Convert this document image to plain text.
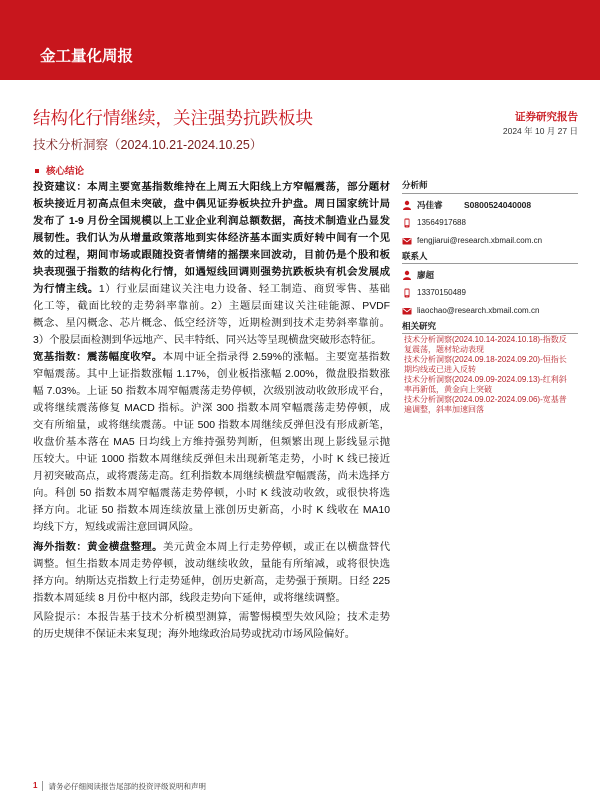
金工量化周报
结构化行情继续，关注强势抗跌板块
技术分析洞察（2024.10.21-2024.10.25）
证券研究报告
2024 年 10 月 27 日
核心结论
投资建议：本周主要宽基指数维持在上周五大阳线上方窄幅震荡，部分题材
板块接近月初高点但未突破，盘中偶见证券板块拉升护盘。周日国家统计局
发布了 1-9 月份全国规模以上工业企业利润总额数据，高技术制造业凸显发
展韧性。我们认为从增量政策落地到实体经济基本面实质好转中间有一个见
效的过程，期间市场或跟随投资者情绪的摇摆来回波动，目前仍是个股和板
块表现强于指数的结构化行情，如遇短线回调则强势抗跌板块有机会发展成
为行情主线。1）行业层面建议关注电力设备、轻工制造、商贸零售、基础
化工等，截面比较的走势斜率靠前。2）主题层面建议关注硅能源、PVDF
概念、星闪概念、芯片概念、低空经济等，近期检测到技术走势斜率靠前。
3）个股层面检测到华远地产、民丰特纸、同兴达等呈现横盘突破形态特征。
宽基指数：震荡幅度收窄。本周中证全指录得 2.59%的涨幅。主要宽基指数
窄幅震荡。其中上证指数涨幅 1.17%，创业板指涨幅 2.00%，微盘股指数涨
幅 7.03%。上证 50 指数本周窄幅震荡走势停顿，次级别波动收敛形成平台，
或将继续震荡修复 MACD 指标。沪深 300 指数本周窄幅震荡走势停顿，成
交有所缩量，或将继续震荡。中证 500 指数本周继续反弹但没有形成新笔，
收盘价基本落在 MA5 日均线上方维持强势判断，但频繁出现上影线显示抛
压较大。中证 1000 指数本周继续反弹但未出现新笔走势，小时 K 线已接近
月初突破高点，或将震荡走高。红利指数本周继续横盘窄幅震荡，尚未选择方
向。科创 50 指数本周窄幅震荡走势停顿，小时 K 线波动收敛，或很快将选
择方向。北证 50 指数本周连续放量上涨创历史新高，小时 K 线收在 MA10
均线下方，短线或需注意回调风险。
海外指数：黄金横盘整理。美元黄金本周上行走势停顿，或正在以横盘替代
调整。恒生指数本周走势停顿，波动继续收敛，量能有所缩减，或将很快选
择方向。纳斯达克指数上行走势延伸，创历史新高，走势强于预期。日经 225
指数本周延续 8 月份中枢内部，线段走势向下延伸，或将继续调整。
风险提示：本报告基于技术分析模型测算，需警惕模型失效风险；技术走势
的历史规律不保证未来复现；海外地缘政治局势或扰动市场风险偏好。
分析师
冯佳睿	S0800524040008
13564917688
fengjiarui@research.xbmail.com.cn
联系人
廖超
13370150489
liaochao@research.xbmail.com.cn
相关研究
技术分析洞察(2024.10.14-2024.10.18)-指数反复震荡，题材轮动表现
技术分析洞察(2024.09.18-2024.09.20)-恒指长期均线或已进入反转
技术分析洞察(2024.09.09-2024.09.13)-红利斜率再新低，黄金向上突破
技术分析洞察(2024.09.02-2024.09.06)-宽基普遍调整，斜率加速回落
1	请务必仔细阅读报告尾部的投资评级说明和声明
